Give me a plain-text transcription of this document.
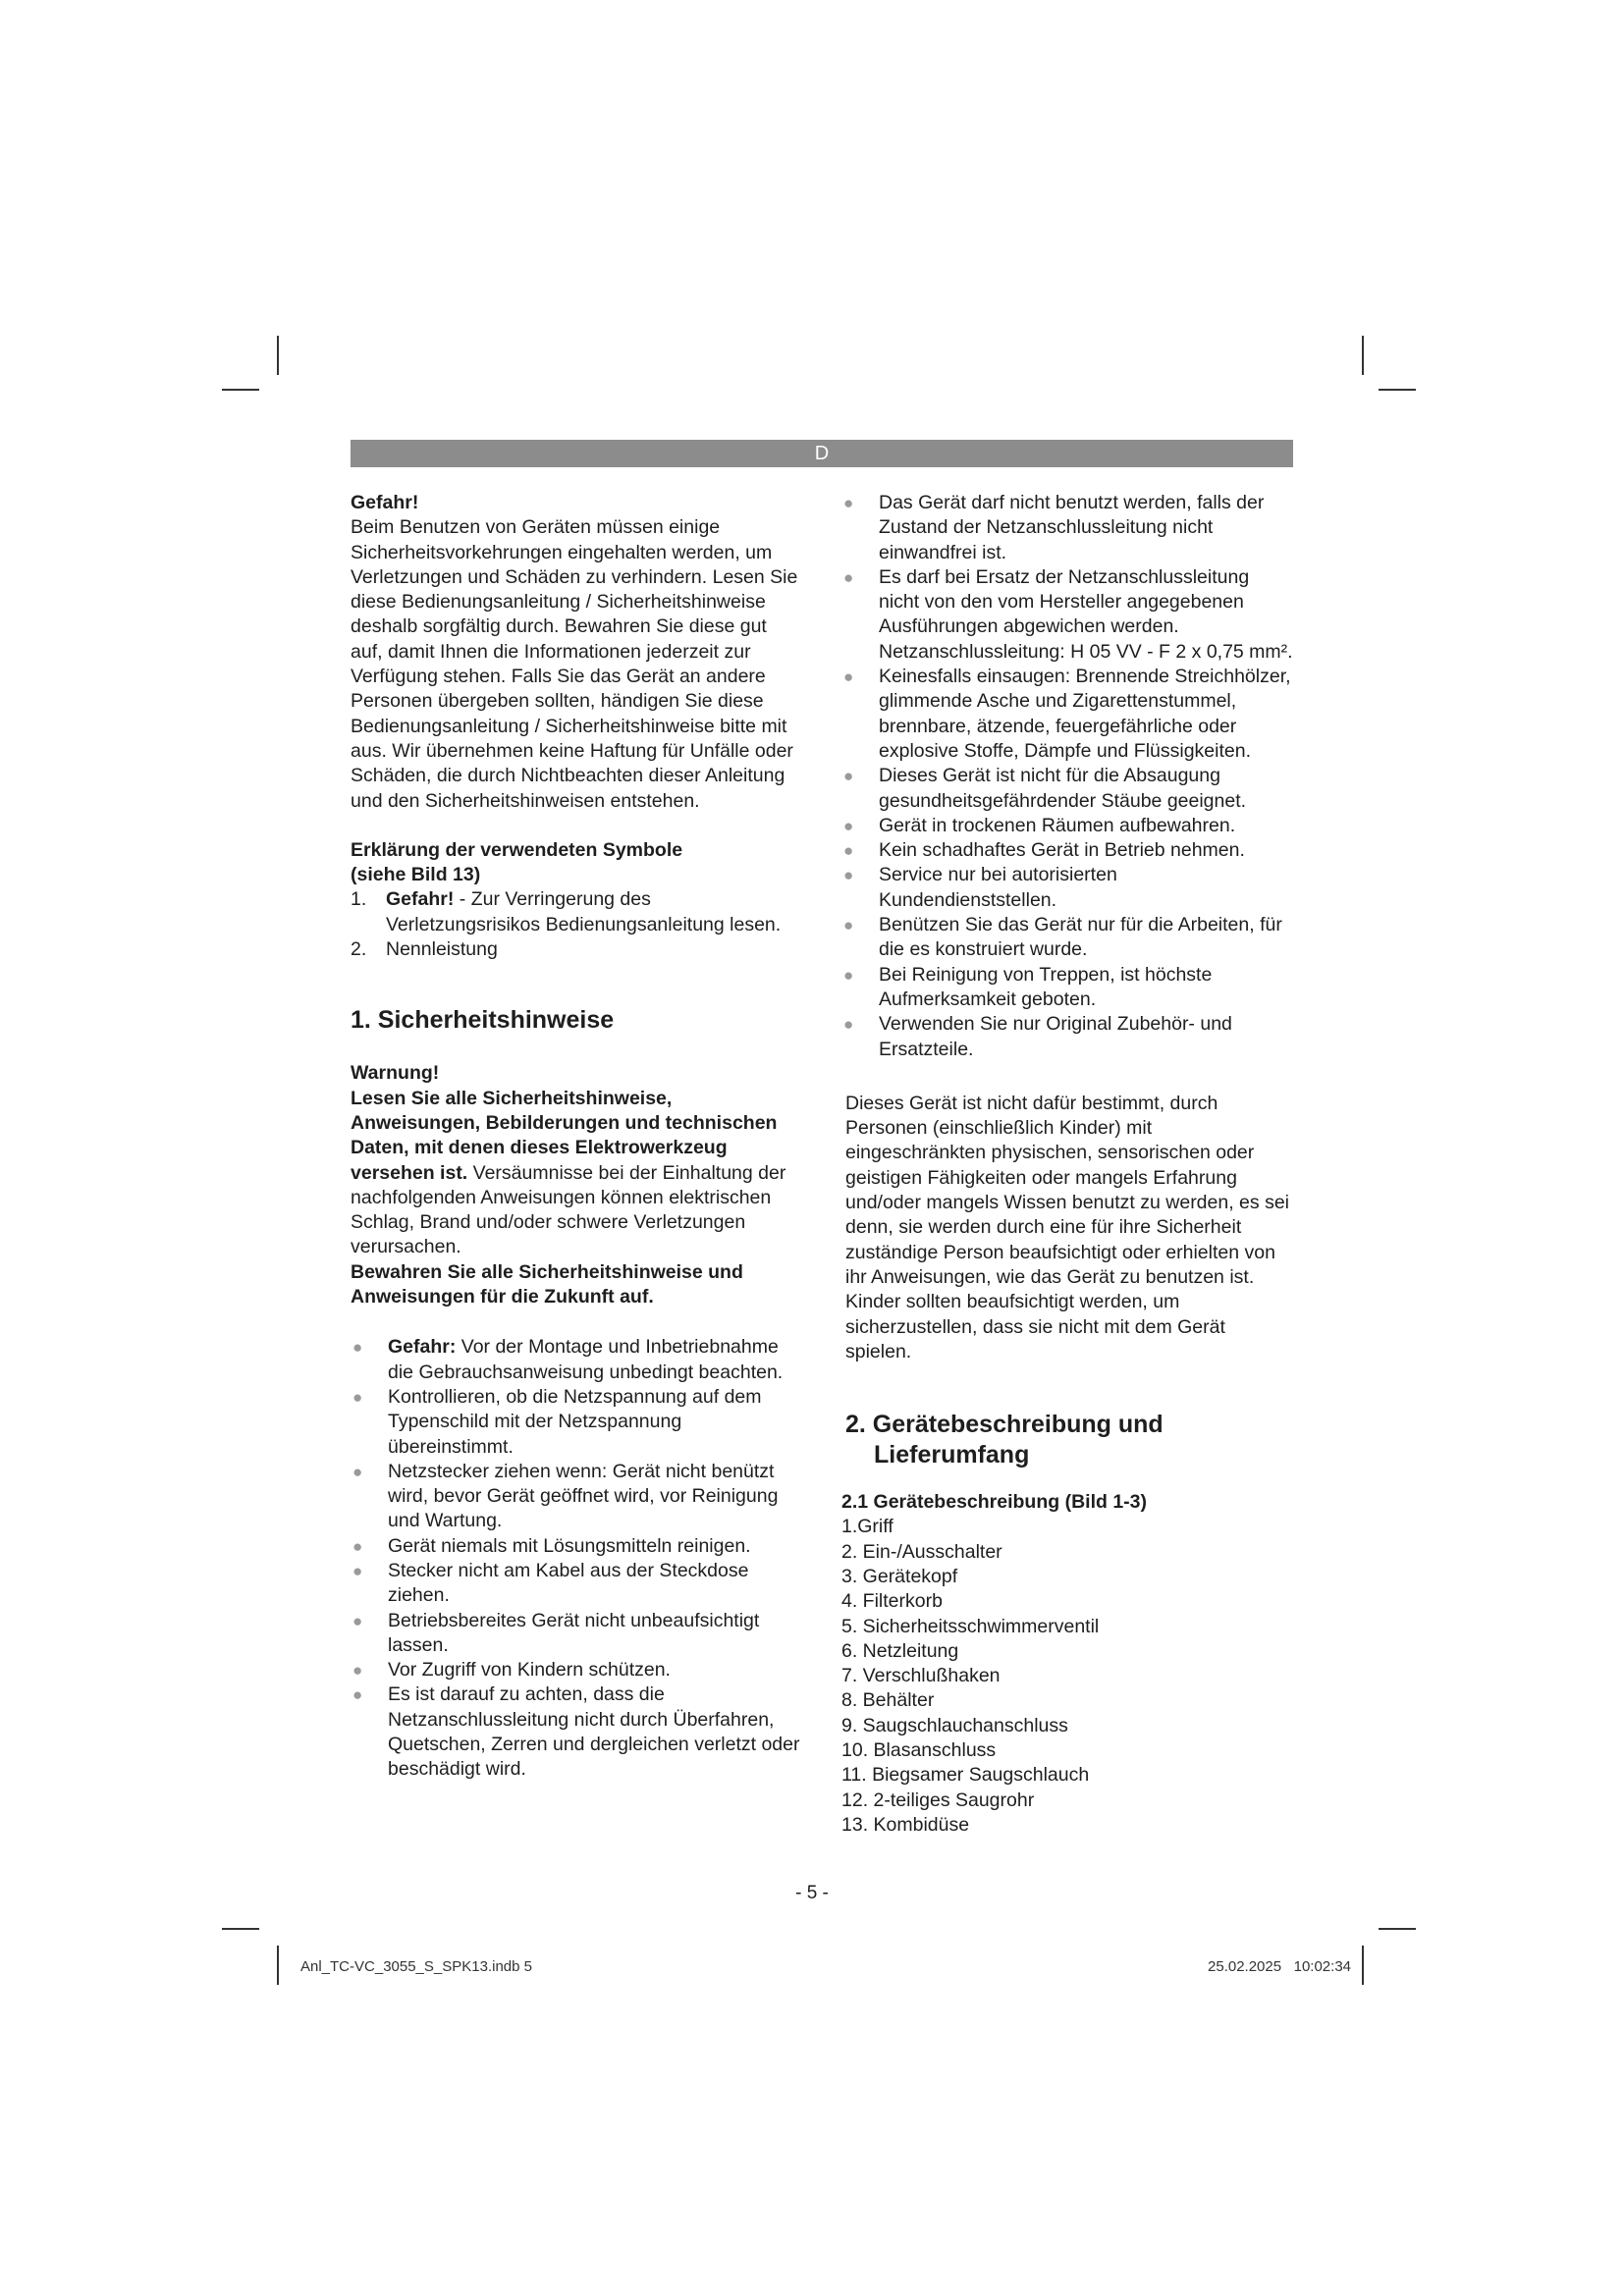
D

Gefahr!

Beim Benutzen von Geräten müssen einige Sicherheitsvorkehrungen eingehalten werden, um Verletzungen und Schäden zu verhindern. Lesen Sie diese Bedienungsanleitung / Sicherheitshinweise deshalb sorgfältig durch. Bewahren Sie diese gut auf, damit Ihnen die Informationen jederzeit zur Verfügung stehen. Falls Sie das Gerät an andere Personen übergeben sollten, händigen Sie diese Bedienungsanleitung / Sicherheitshinweise bitte mit aus. Wir übernehmen keine Haftung für Unfälle oder Schäden, die durch Nichtbeachten dieser Anleitung und den Sicherheitshinweisen entstehen.

Erklärung der verwendeten Symbole

(siehe Bild 13)

1. Gefahr! - Zur Verringerung des Verletzungsrisikos Bedienungsanleitung lesen.
2. Nennleistung

1. Sicherheitshinweise

Warnung!

Lesen Sie alle Sicherheitshinweise, Anweisungen, Bebilderungen und technischen Daten, mit denen dieses Elektrowerkzeug versehen ist. Versäumnisse bei der Einhaltung der nachfolgenden Anweisungen können elektrischen Schlag, Brand und/oder schwere Verletzungen verursachen.

Bewahren Sie alle Sicherheitshinweise und Anweisungen für die Zukunft auf.

● Gefahr: Vor der Montage und Inbetriebnahme die Gebrauchsanweisung unbedingt beachten.
● Kontrollieren, ob die Netzspannung auf dem Typenschild mit der Netzspannung übereinstimmt.
● Netzstecker ziehen wenn: Gerät nicht benützt wird, bevor Gerät geöffnet wird, vor Reinigung und Wartung.
● Gerät niemals mit Lösungsmitteln reinigen.
● Stecker nicht am Kabel aus der Steckdose ziehen.
● Betriebsbereites Gerät nicht unbeaufsichtigt lassen.
● Vor Zugriff von Kindern schützen.
● Es ist darauf zu achten, dass die Netzanschlussleitung nicht durch Überfahren, Quetschen, Zerren und dergleichen verletzt oder beschädigt wird.
● Das Gerät darf nicht benutzt werden, falls der Zustand der Netzanschlussleitung nicht einwandfrei ist.
● Es darf bei Ersatz der Netzanschlussleitung nicht von den vom Hersteller angegebenen Ausführungen abgewichen werden. Netzanschlussleitung: H 05 VV - F 2 x 0,75 mm².
● Keinesfalls einsaugen: Brennende Streichhölzer, glimmende Asche und Zigarettenstummel, brennbare, ätzende, feuergefährliche oder explosive Stoffe, Dämpfe und Flüssigkeiten.
● Dieses Gerät ist nicht für die Absaugung gesundheitsgefährdender Stäube geeignet.
● Gerät in trockenen Räumen aufbewahren.
● Kein schadhaftes Gerät in Betrieb nehmen.
● Service nur bei autorisierten Kundendienststellen.
● Benützen Sie das Gerät nur für die Arbeiten, für die es konstruiert wurde.
● Bei Reinigung von Treppen, ist höchste Aufmerksamkeit geboten.
● Verwenden Sie nur Original Zubehör- und Ersatzteile.

Dieses Gerät ist nicht dafür bestimmt, durch Personen (einschließlich Kinder) mit eingeschränkten physischen, sensorischen oder geistigen Fähigkeiten oder mangels Erfahrung und/oder mangels Wissen benutzt zu werden, es sei denn, sie werden durch eine für ihre Sicherheit zuständige Person beaufsichtigt oder erhielten von ihr Anweisungen, wie das Gerät zu benutzen ist. Kinder sollten beaufsichtigt werden, um sicherzustellen, dass sie nicht mit dem Gerät spielen.

2. Gerätebeschreibung und

Lieferumfang

2.1 Gerätebeschreibung (Bild 1-3)

1.Griff
2. Ein-/Ausschalter
3. Gerätekopf
4. Filterkorb
5. Sicherheitsschwimmerventil
6. Netzleitung
7. Verschlußhaken
8. Behälter
9. Saugschlauchanschluss
10. Blasanschluss
11. Biegsamer Saugschlauch
12. 2-teiliges Saugrohr
13. Kombidüse
- 5 -
Anl_TC-VC_3055_S_SPK13.indb 5	25.02.2025 10:02:34
